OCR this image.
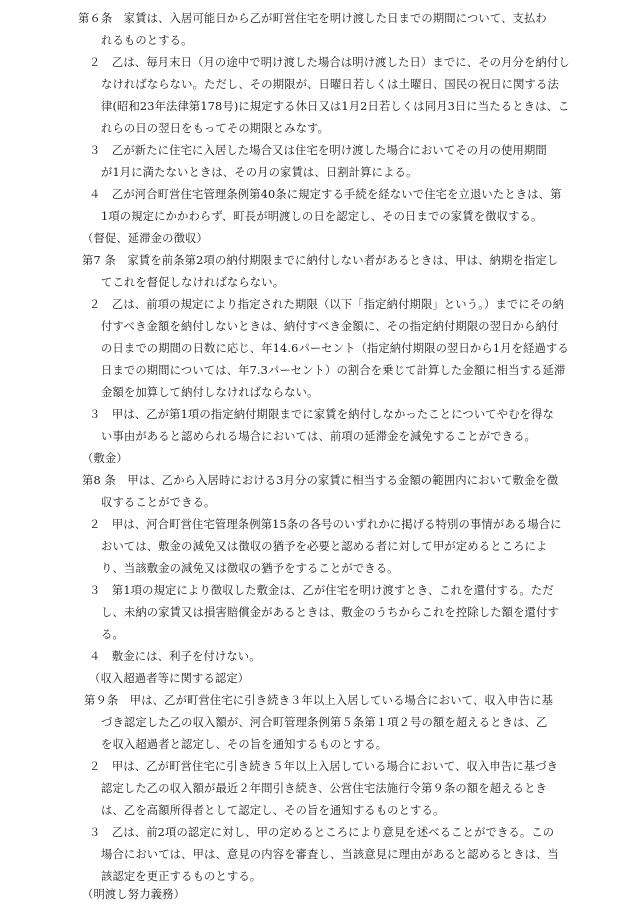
第６条　家賃は、入居可能日から乙が町営住宅を明け渡した日までの期間について、支払わ
れるものとする。
２　乙は、毎月末日（月の途中で明け渡した場合は明け渡した日）までに、その月分を納付し
なければならない。ただし、その期限が、日曜日若しくは土曜日、国民の祝日に関する法
律(昭和23年法律第178号)に規定する休日又は1月2日若しくは同月3日に当たるときは、こ
れらの日の翌日をもってその期限とみなす。
３　乙が新たに住宅に入居した場合又は住宅を明け渡した場合においてその月の使用期間
が1月に満たないときは、その月の家賃は、日割計算による。
４　乙が河合町営住宅管理条例第40条に規定する手続を経ないで住宅を立退いたときは、第
1項の規定にかかわらず、町長が明渡しの日を認定し、その日までの家賃を徴収する。
（督促、延滞金の徴収）
第7 条　家賃を前条第2項の納付期限までに納付しない者があるときは、甲は、納期を指定し
てこれを督促しなければならない。
２　乙は、前項の規定により指定された期限（以下「指定納付期限」という。）までにその納
付すべき金額を納付しないときは、納付すべき金額に、その指定納付期限の翌日から納付
の日までの期間の日数に応じ、年14.6パーセント（指定納付期限の翌日から1月を経過する
日までの期間については、年7.3パーセント）の割合を乗じて計算した金額に相当する延滞
金額を加算して納付しなければならない。
３　甲は、乙が第1項の指定納付期限までに家賃を納付しなかったことについてやむを得な
い事由があると認められる場合においては、前項の延滞金を減免することができる。
（敷金）
第8 条　甲は、乙から入居時における3月分の家賃に相当する金額の範囲内において敷金を徴
収することができる。
２　甲は、河合町営住宅管理条例第15条の各号のいずれかに掲げる特別の事情がある場合に
おいては、敷金の減免又は徴収の猶予を必要と認める者に対して甲が定めるところによ
り、当該敷金の減免又は徴収の猶予をすることができる。
３　第1項の規定により徴収した敷金は、乙が住宅を明け渡すとき、これを還付する。ただ
し、未納の家賃又は損害賠償金があるときは、敷金のうちからこれを控除した額を還付す
る。
４　敷金には、利子を付けない。
（収入超過者等に関する認定）
第９条　甲は、乙が町営住宅に引き続き３年以上入居している場合において、収入申告に基
づき認定した乙の収入額が、河合町管理条例第５条第１項２号の額を超えるときは、乙
を収入超過者と認定し、その旨を通知するものとする。
２　甲は、乙が町営住宅に引き続き５年以上入居している場合において、収入申告に基づき
認定した乙の収入額が最近２年間引き続き、公営住宅法施行令第９条の額を超えるとき
は、乙を高額所得者として認定し、その旨を通知するものとする。
３　乙は、前2項の認定に対し、甲の定めるところにより意見を述べることができる。この
場合においては、甲は、意見の内容を審査し、当該意見に理由があると認めるときは、当
該認定を更正するものとする。
（明渡し努力義務）
